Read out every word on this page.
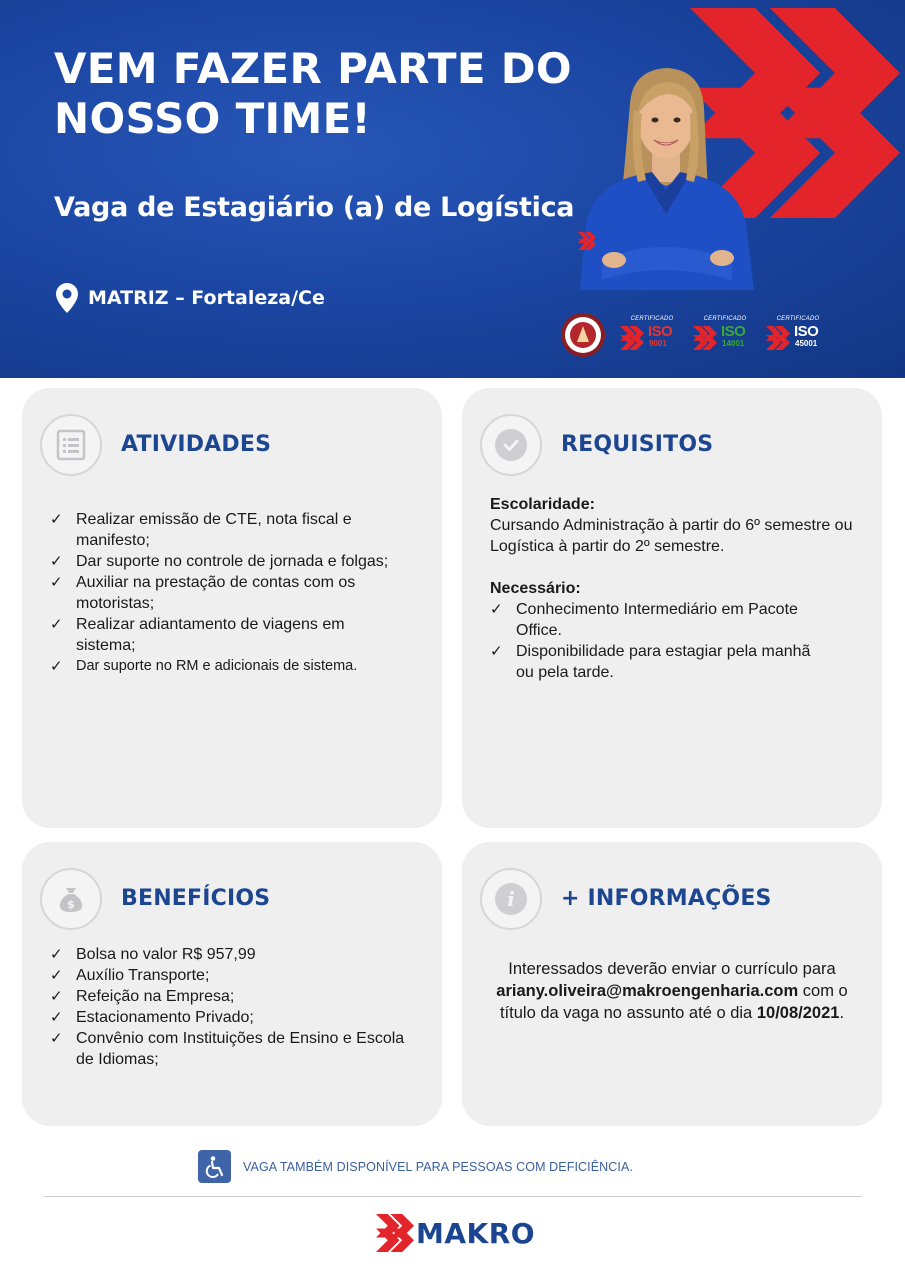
VEM FAZER PARTE DO
NOSSO TIME!
Vaga de Estagiário (a) de Logística
MATRIZ – Fortaleza/Ce
CERTIFICADO
ISO
9001
CERTIFICADO
ISO
14001
CERTIFICADO
ISO
45001
ATIVIDADES
✓ Realizar emissão de CTE, nota fiscal e manifesto;
✓ Dar suporte no controle de jornada e folgas;
✓ Auxiliar na prestação de contas com os motoristas;
✓ Realizar adiantamento de viagens em sistema;
✓ Dar suporte no RM e adicionais de sistema.
REQUISITOS
Escolaridade:
Cursando Administração à partir do 6º semestre ou Logística à partir do 2º semestre.
Necessário:
✓ Conhecimento Intermediário em Pacote Office.
✓ Disponibilidade para estagiar pela manhã ou pela tarde.
$ BENEFÍCIOS
✓ Bolsa no valor R$ 957,99
✓ Auxílio Transporte;
✓ Refeição na Empresa;
✓ Estacionamento Privado;
✓ Convênio com Instituições de Ensino e Escola de Idiomas;
i + INFORMAÇÕES
Interessados deverão enviar o currículo para ariany.oliveira@makroengenharia.com com o título da vaga no assunto até o dia 10/08/2021.
VAGA TAMBÉM DISPONÍVEL PARA PESSOAS COM DEFICIÊNCIA.
MAKRO
